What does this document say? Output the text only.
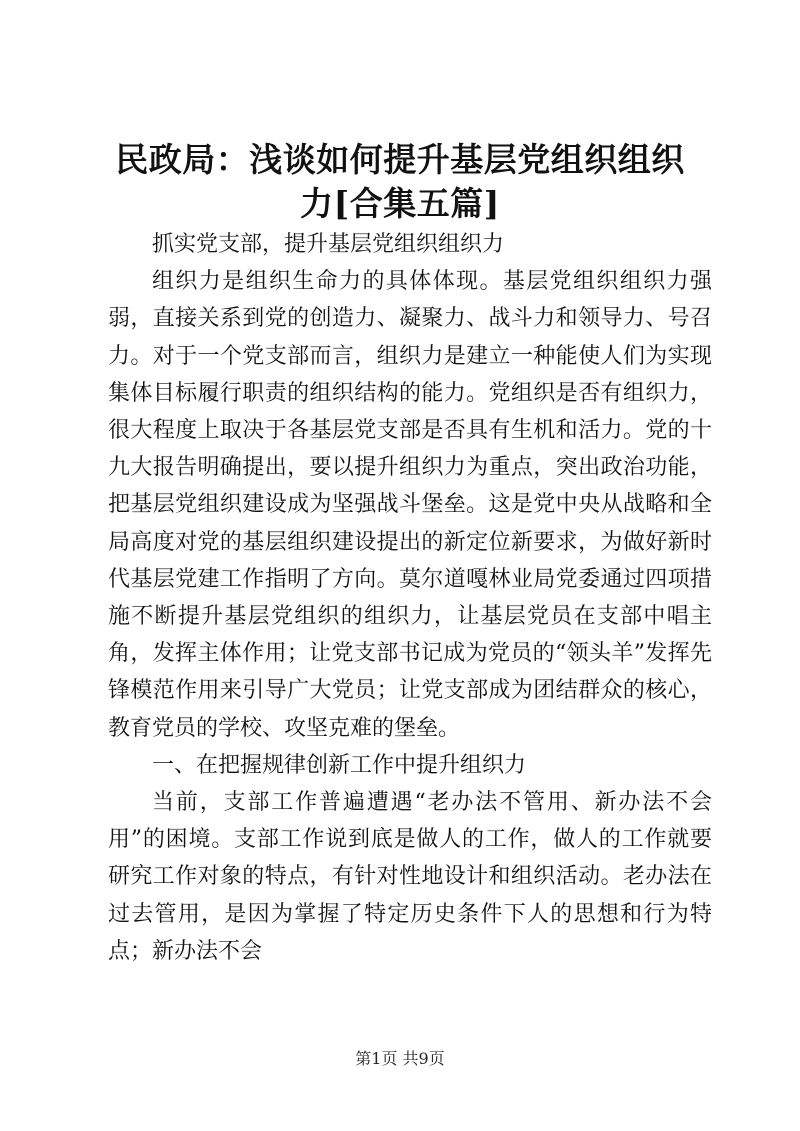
民政局：浅谈如何提升基层党组织组织力[合集五篇]

抓实党支部，提升基层党组织组织力

组织力是组织生命力的具体体现。基层党组织组织力强弱，直接关系到党的创造力、凝聚力、战斗力和领导力、号召力。对于一个党支部而言，组织力是建立一种能使人们为实现集体目标履行职责的组织结构的能力。党组织是否有组织力，很大程度上取决于各基层党支部是否具有生机和活力。党的十九大报告明确提出，要以提升组织力为重点，突出政治功能，把基层党组织建设成为坚强战斗堡垒。这是党中央从战略和全局高度对党的基层组织建设提出的新定位新要求，为做好新时代基层党建工作指明了方向。莫尔道嘎林业局党委通过四项措施不断提升基层党组织的组织力，让基层党员在支部中唱主角，发挥主体作用；让党支部书记成为党员的“领头羊”发挥先锋模范作用来引导广大党员；让党支部成为团结群众的核心，教育党员的学校、攻坚克难的堡垒。

一、在把握规律创新工作中提升组织力

当前，支部工作普遍遭遇“老办法不管用、新办法不会用”的困境。支部工作说到底是做人的工作，做人的工作就要研究工作对象的特点，有针对性地设计和组织活动。老办法在过去管用，是因为掌握了特定历史条件下人的思想和行为特点；新办法不会

第1页 共9页
